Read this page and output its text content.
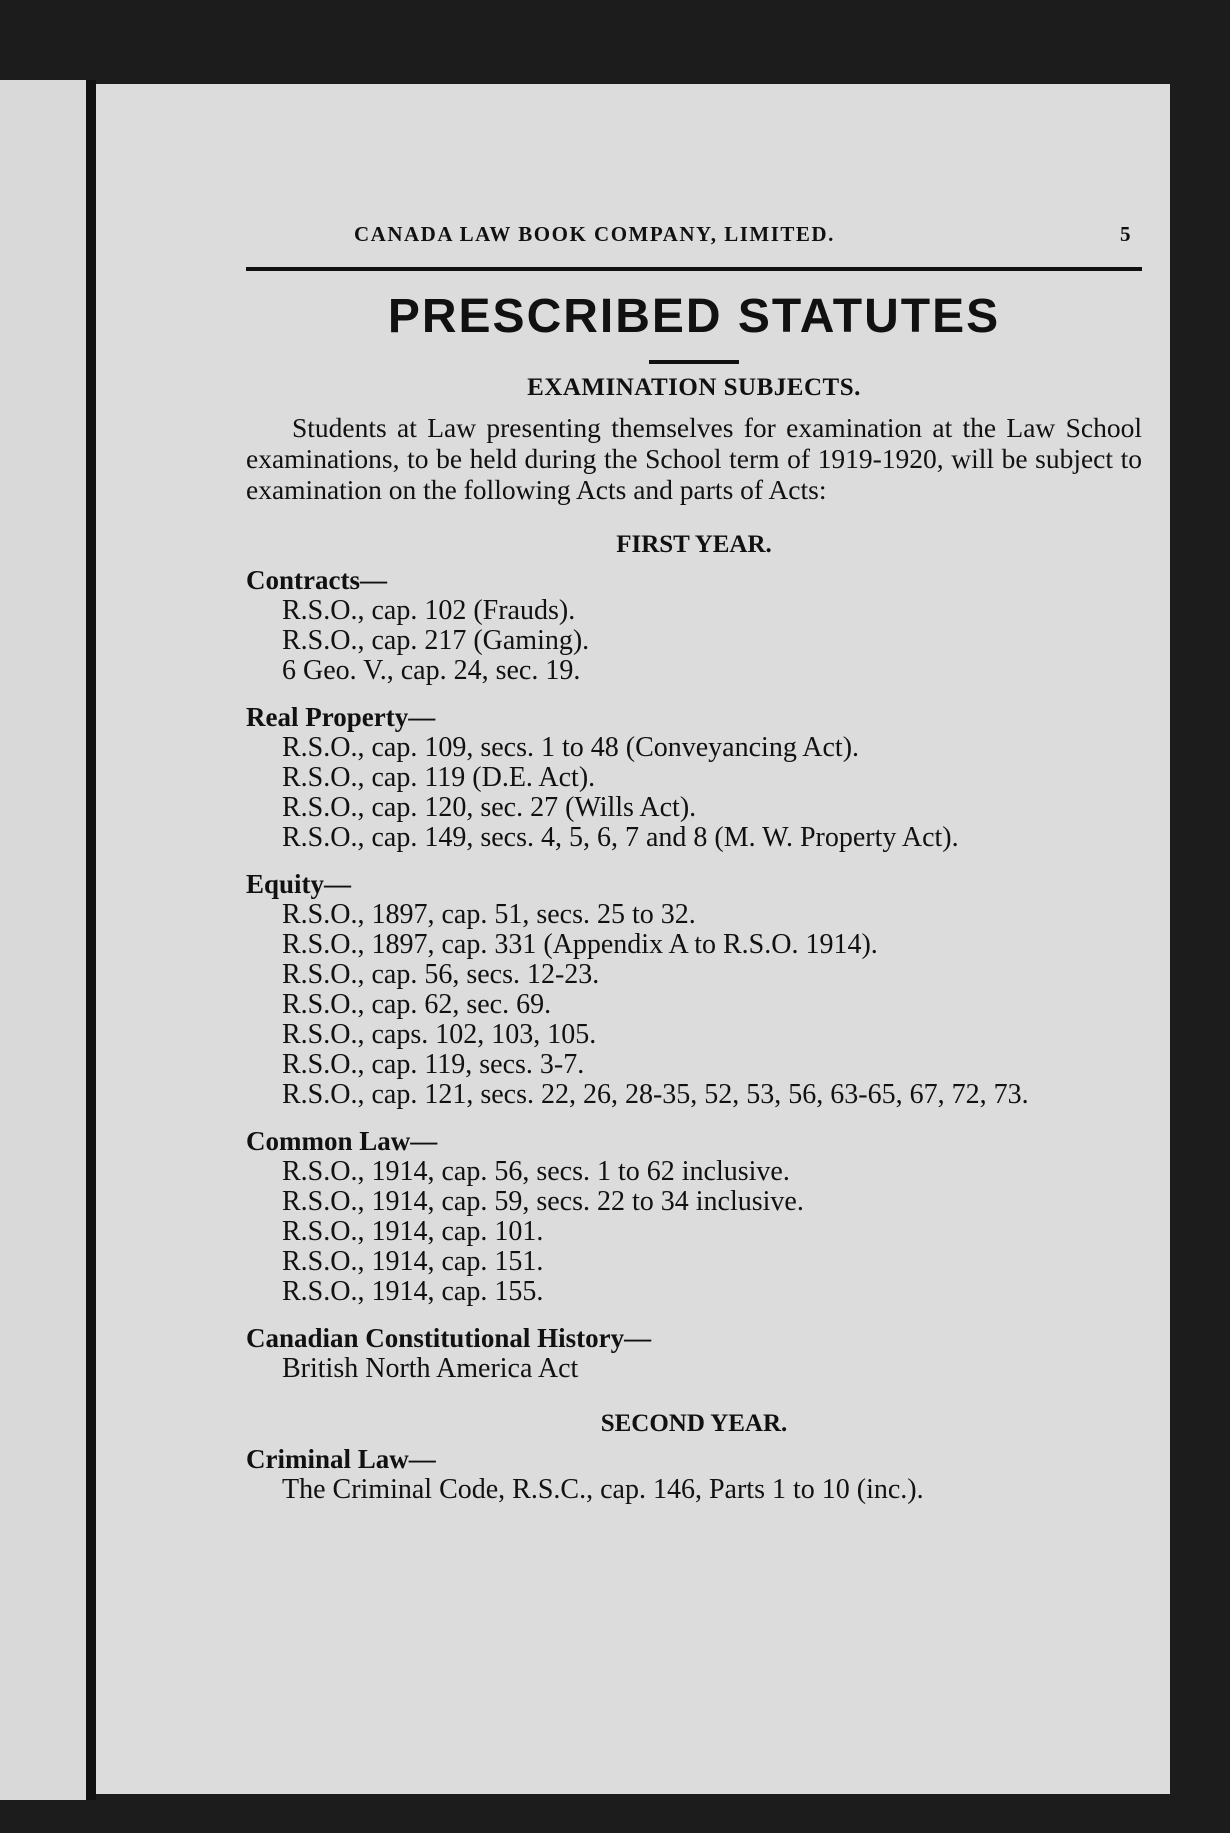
CANADA LAW BOOK COMPANY, LIMITED.	5
PRESCRIBED STATUTES
EXAMINATION SUBJECTS.
Students at Law presenting themselves for examination at the Law School examinations, to be held during the School term of 1919-1920, will be subject to examination on the following Acts and parts of Acts:
FIRST YEAR.
Contracts—
R.S.O., cap. 102 (Frauds).
R.S.O., cap. 217 (Gaming).
6 Geo. V., cap. 24, sec. 19.
Real Property—
R.S.O., cap. 109, secs. 1 to 48 (Conveyancing Act).
R.S.O., cap. 119 (D.E. Act).
R.S.O., cap. 120, sec. 27 (Wills Act).
R.S.O., cap. 149, secs. 4, 5, 6, 7 and 8 (M. W. Property Act).
Equity—
R.S.O., 1897, cap. 51, secs. 25 to 32.
R.S.O., 1897, cap. 331 (Appendix A to R.S.O. 1914).
R.S.O., cap. 56, secs. 12-23.
R.S.O., cap. 62, sec. 69.
R.S.O., caps. 102, 103, 105.
R.S.O., cap. 119, secs. 3-7.
R.S.O., cap. 121, secs. 22, 26, 28-35, 52, 53, 56, 63-65, 67, 72, 73.
Common Law—
R.S.O., 1914, cap. 56, secs. 1 to 62 inclusive.
R.S.O., 1914, cap. 59, secs. 22 to 34 inclusive.
R.S.O., 1914, cap. 101.
R.S.O., 1914, cap. 151.
R.S.O., 1914, cap. 155.
Canadian Constitutional History—
British North America Act
SECOND YEAR.
Criminal Law—
The Criminal Code, R.S.C., cap. 146, Parts 1 to 10 (inc.).
